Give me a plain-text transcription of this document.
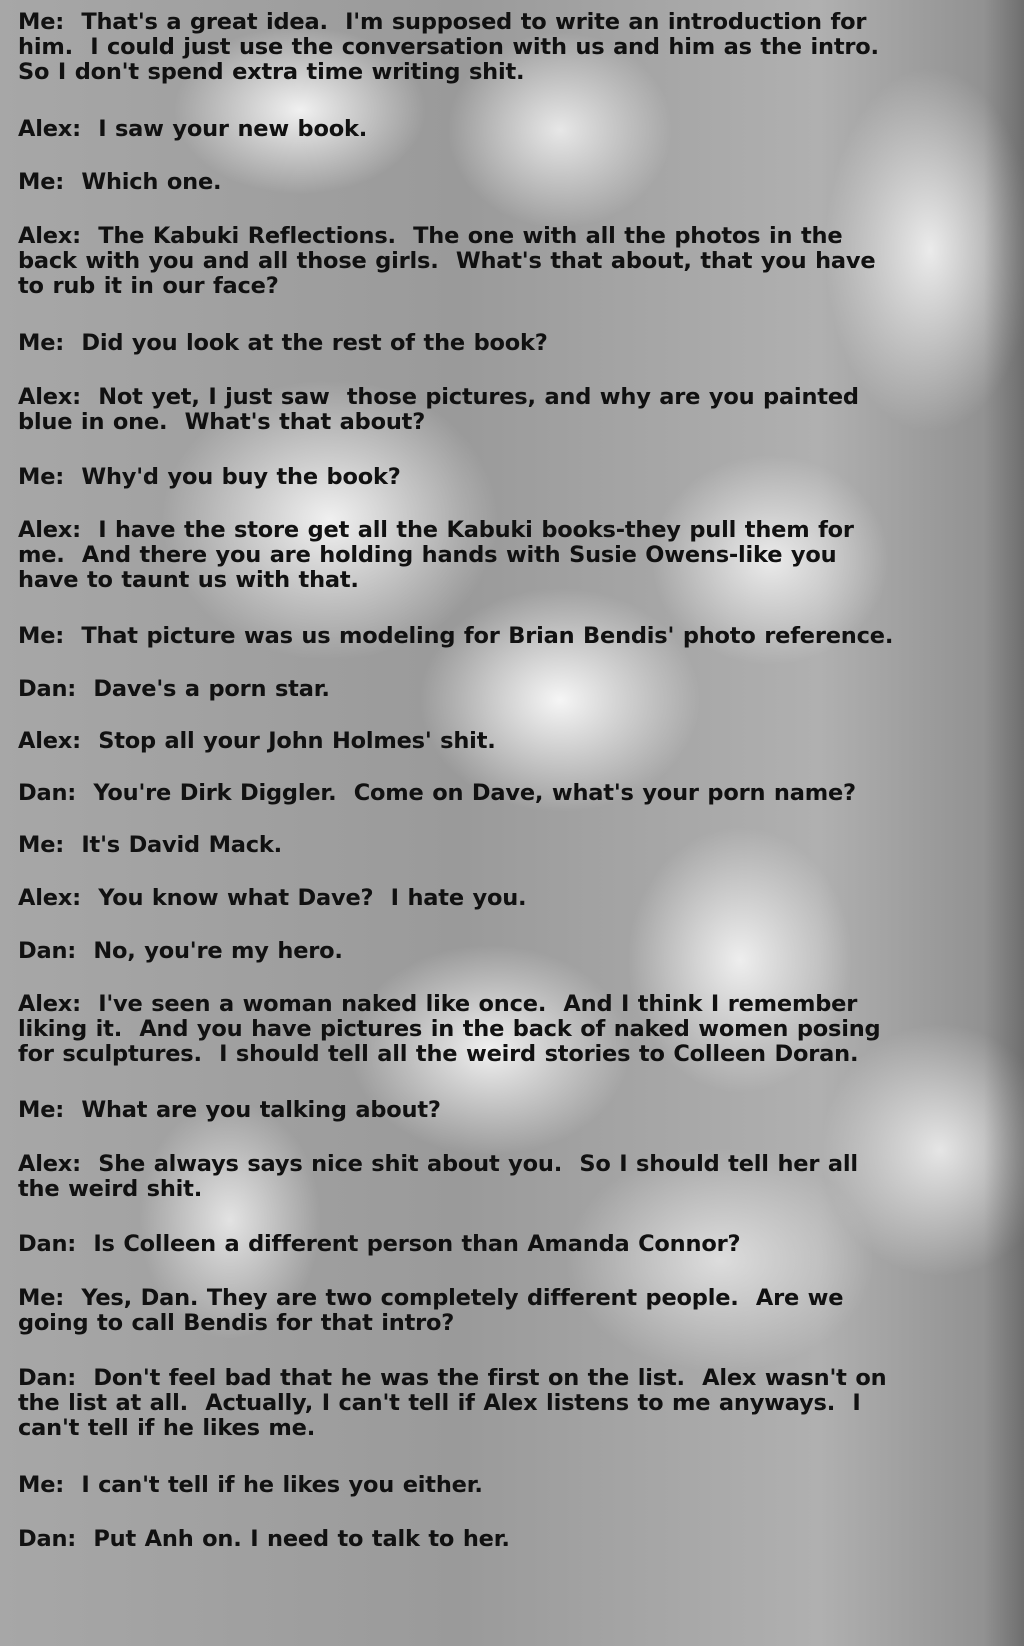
Me: That's a great idea.  I'm supposed to write an introduction for
him.  I could just use the conversation with us and him as the intro.
So I don't spend extra time writing shit.
Alex: I saw your new book.
Me: Which one.
Alex: The Kabuki Reflections.  The one with all the photos in the
back with you and all those girls.  What's that about, that you have
to rub it in our face?
Me: Did you look at the rest of the book?
Alex: Not yet, I just saw  those pictures, and why are you painted
blue in one.  What's that about?
Me: Why'd you buy the book?
Alex: I have the store get all the Kabuki books-they pull them for
me.  And there you are holding hands with Susie Owens-like you
have to taunt us with that.
Me: That picture was us modeling for Brian Bendis' photo reference.
Dan: Dave's a porn star.
Alex: Stop all your John Holmes' shit.
Dan: You're Dirk Diggler.  Come on Dave, what's your porn name?
Me: It's David Mack.
Alex: You know what Dave?  I hate you.
Dan: No, you're my hero.
Alex: I've seen a woman naked like once.  And I think I remember
liking it.  And you have pictures in the back of naked women posing
for sculptures.  I should tell all the weird stories to Colleen Doran.
Me: What are you talking about?
Alex: She always says nice shit about you.  So I should tell her all
the weird shit.
Dan: Is Colleen a different person than Amanda Connor?
Me: Yes, Dan. They are two completely different people.  Are we
going to call Bendis for that intro?
Dan: Don't feel bad that he was the first on the list.  Alex wasn't on
the list at all.  Actually, I can't tell if Alex listens to me anyways.  I
can't tell if he likes me.
Me: I can't tell if he likes you either.
Dan: Put Anh on. I need to talk to her.
